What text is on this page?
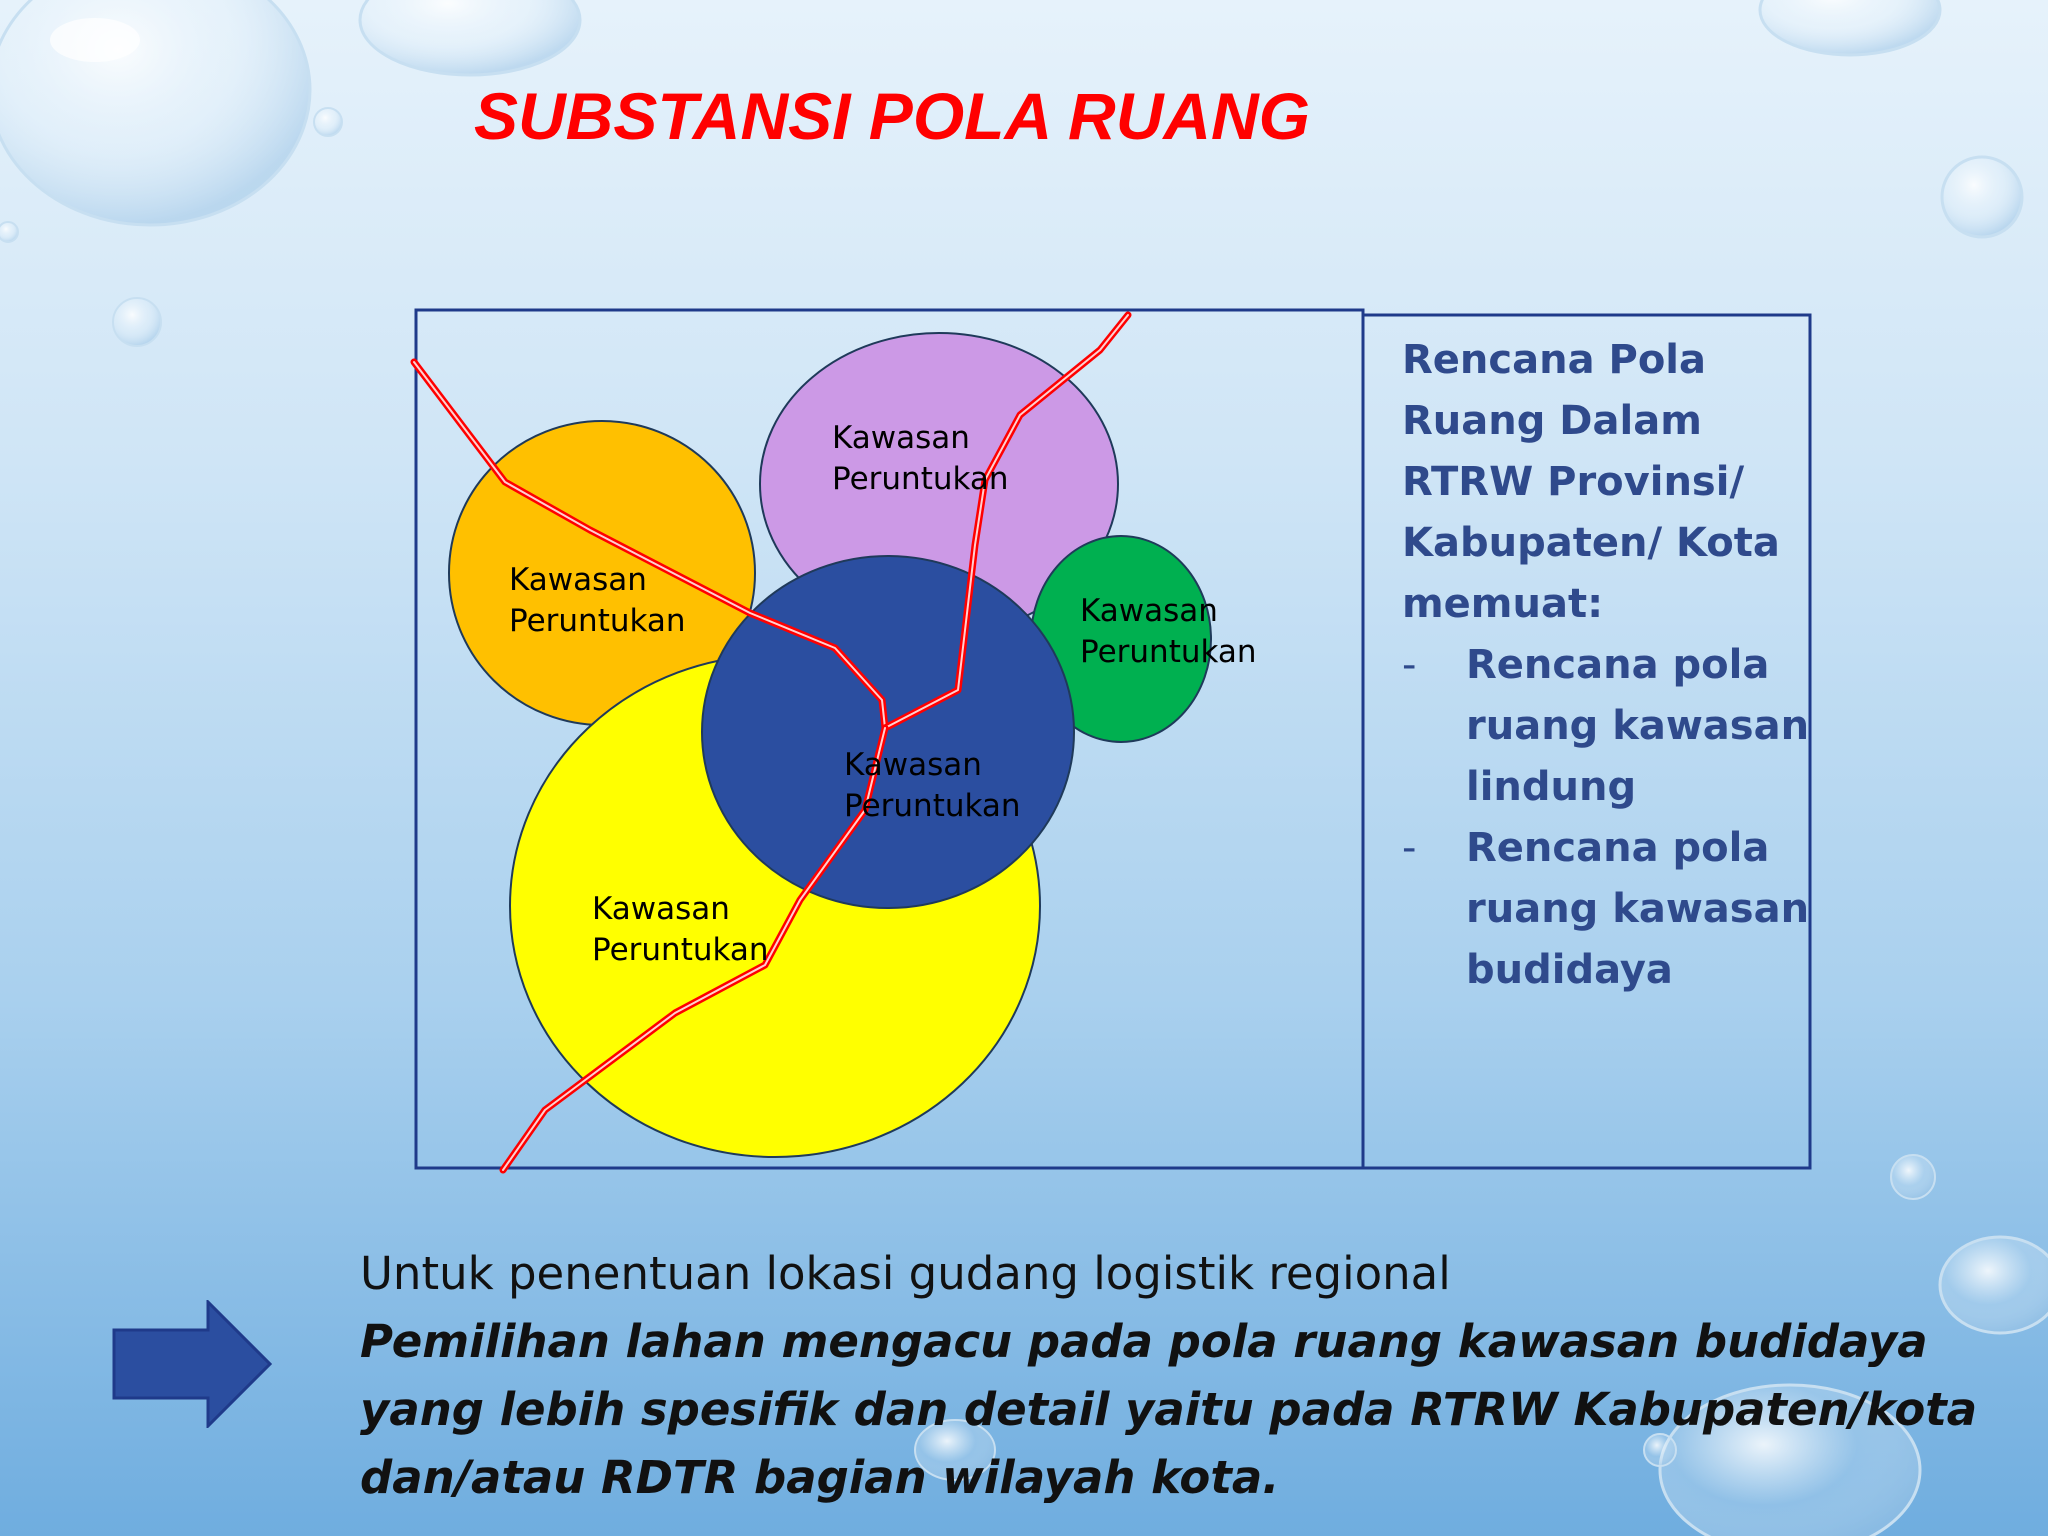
SUBSTANSI POLA RUANG
Kawasan
Peruntukan
Kawasan
Peruntukan
Kawasan
Peruntukan
Kawasan
Peruntukan
Kawasan
Peruntukan

Rencana Pola Ruang Dalam RTRW Provinsi/ Kabupaten/ Kota memuat:

- Rencana pola ruang kawasan lindung
- Rencana pola ruang kawasan budidaya
Untuk penentuan lokasi gudang logistik regional
Pemilihan lahan mengacu pada pola ruang kawasan budidaya yang lebih spesifik dan detail yaitu pada RTRW Kabupaten/kota dan/atau RDTR bagian wilayah kota.
